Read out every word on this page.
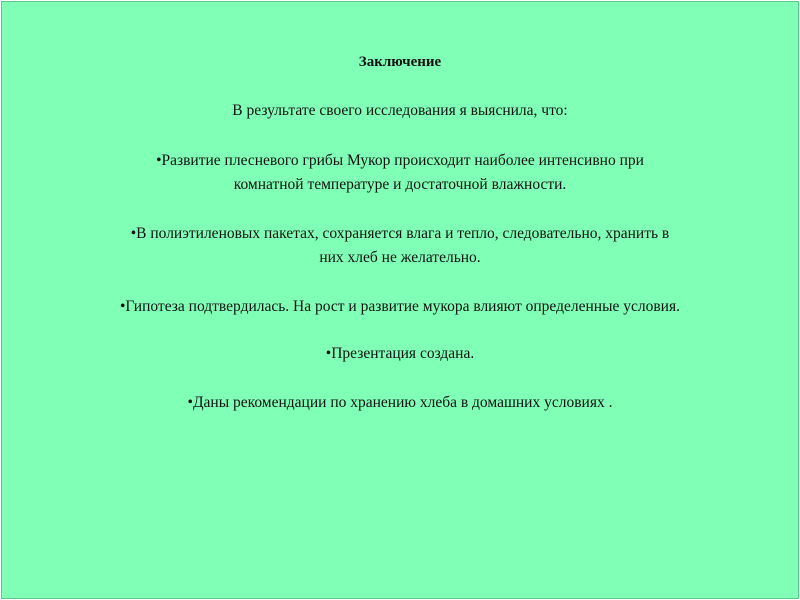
Заключение
В результате своего исследования я выяснила, что:
•Развитие плесневого грибы Мукор происходит наиболее интенсивно при
комнатной температуре и достаточной влажности.
•В полиэтиленовых пакетах, сохраняется влага и тепло, следовательно, хранить в
них хлеб не желательно.
•Гипотеза подтвердилась. На рост и развитие мукора влияют определенные условия.
•Презентация создана.
•Даны рекомендации по хранению хлеба в домашних условиях .
